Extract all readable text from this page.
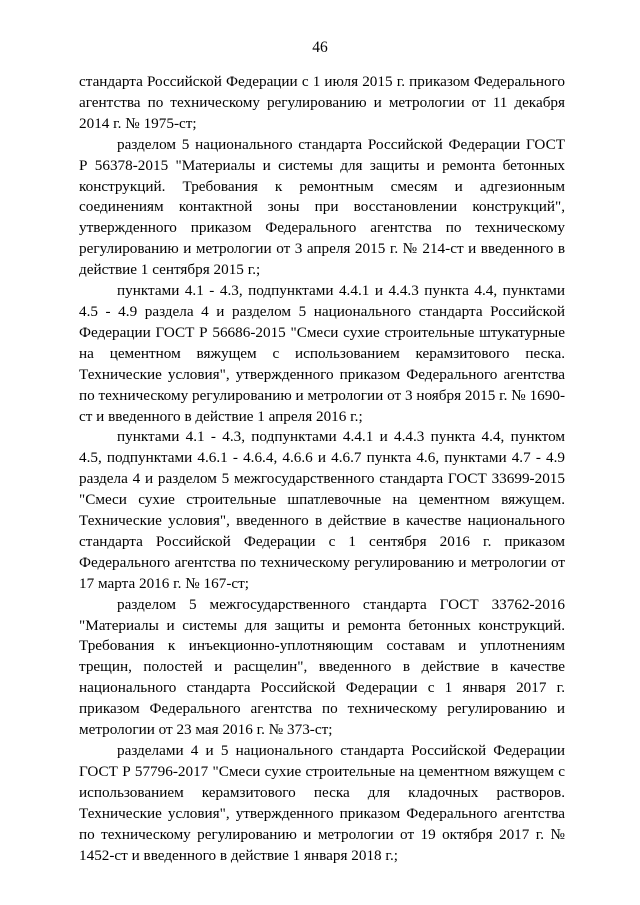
46

стандарта Российской Федерации с 1 июля 2015 г. приказом Федерального агентства по техническому регулированию и метрологии от 11 декабря 2014 г. № 1975-ст;

разделом 5 национального стандарта Российской Федерации ГОСТ Р 56378-2015 "Материалы и системы для защиты и ремонта бетонных конструкций. Требования к ремонтным смесям и адгезионным соединениям контактной зоны при восстановлении конструкций", утвержденного приказом Федерального агентства по техническому регулированию и метрологии от 3 апреля 2015 г. № 214-ст и введенного в действие 1 сентября 2015 г.;

пунктами 4.1 - 4.3, подпунктами 4.4.1 и 4.4.3 пункта 4.4, пунктами 4.5 - 4.9 раздела 4 и разделом 5 национального стандарта Российской Федерации ГОСТ Р 56686-2015 "Смеси сухие строительные штукатурные на цементном вяжущем с использованием керамзитового песка. Технические условия", утвержденного приказом Федерального агентства по техническому регулированию и метрологии от 3 ноября 2015 г. № 1690-ст и введенного в действие 1 апреля 2016 г.;

пунктами 4.1 - 4.3, подпунктами 4.4.1 и 4.4.3 пункта 4.4, пунктом 4.5, подпунктами 4.6.1 - 4.6.4, 4.6.6 и 4.6.7 пункта 4.6, пунктами 4.7 - 4.9 раздела 4 и разделом 5 межгосударственного стандарта ГОСТ 33699-2015 "Смеси сухие строительные шпатлевочные на цементном вяжущем. Технические условия", введенного в действие в качестве национального стандарта Российской Федерации с 1 сентября 2016 г. приказом Федерального агентства по техническому регулированию и метрологии от 17 марта 2016 г. № 167-ст;

разделом 5 межгосударственного стандарта ГОСТ 33762-2016 "Материалы и системы для защиты и ремонта бетонных конструкций. Требования к инъекционно-уплотняющим составам и уплотнениям трещин, полостей и расщелин", введенного в действие в качестве национального стандарта Российской Федерации с 1 января 2017 г. приказом Федерального агентства по техническому регулированию и метрологии от 23 мая 2016 г. № 373-ст;

разделами 4 и 5 национального стандарта Российской Федерации ГОСТ Р 57796-2017 "Смеси сухие строительные на цементном вяжущем с использованием керамзитового песка для кладочных растворов. Технические условия", утвержденного приказом Федерального агентства по техническому регулированию и метрологии от 19 октября 2017 г. № 1452-ст и введенного в действие 1 января 2018 г.;
